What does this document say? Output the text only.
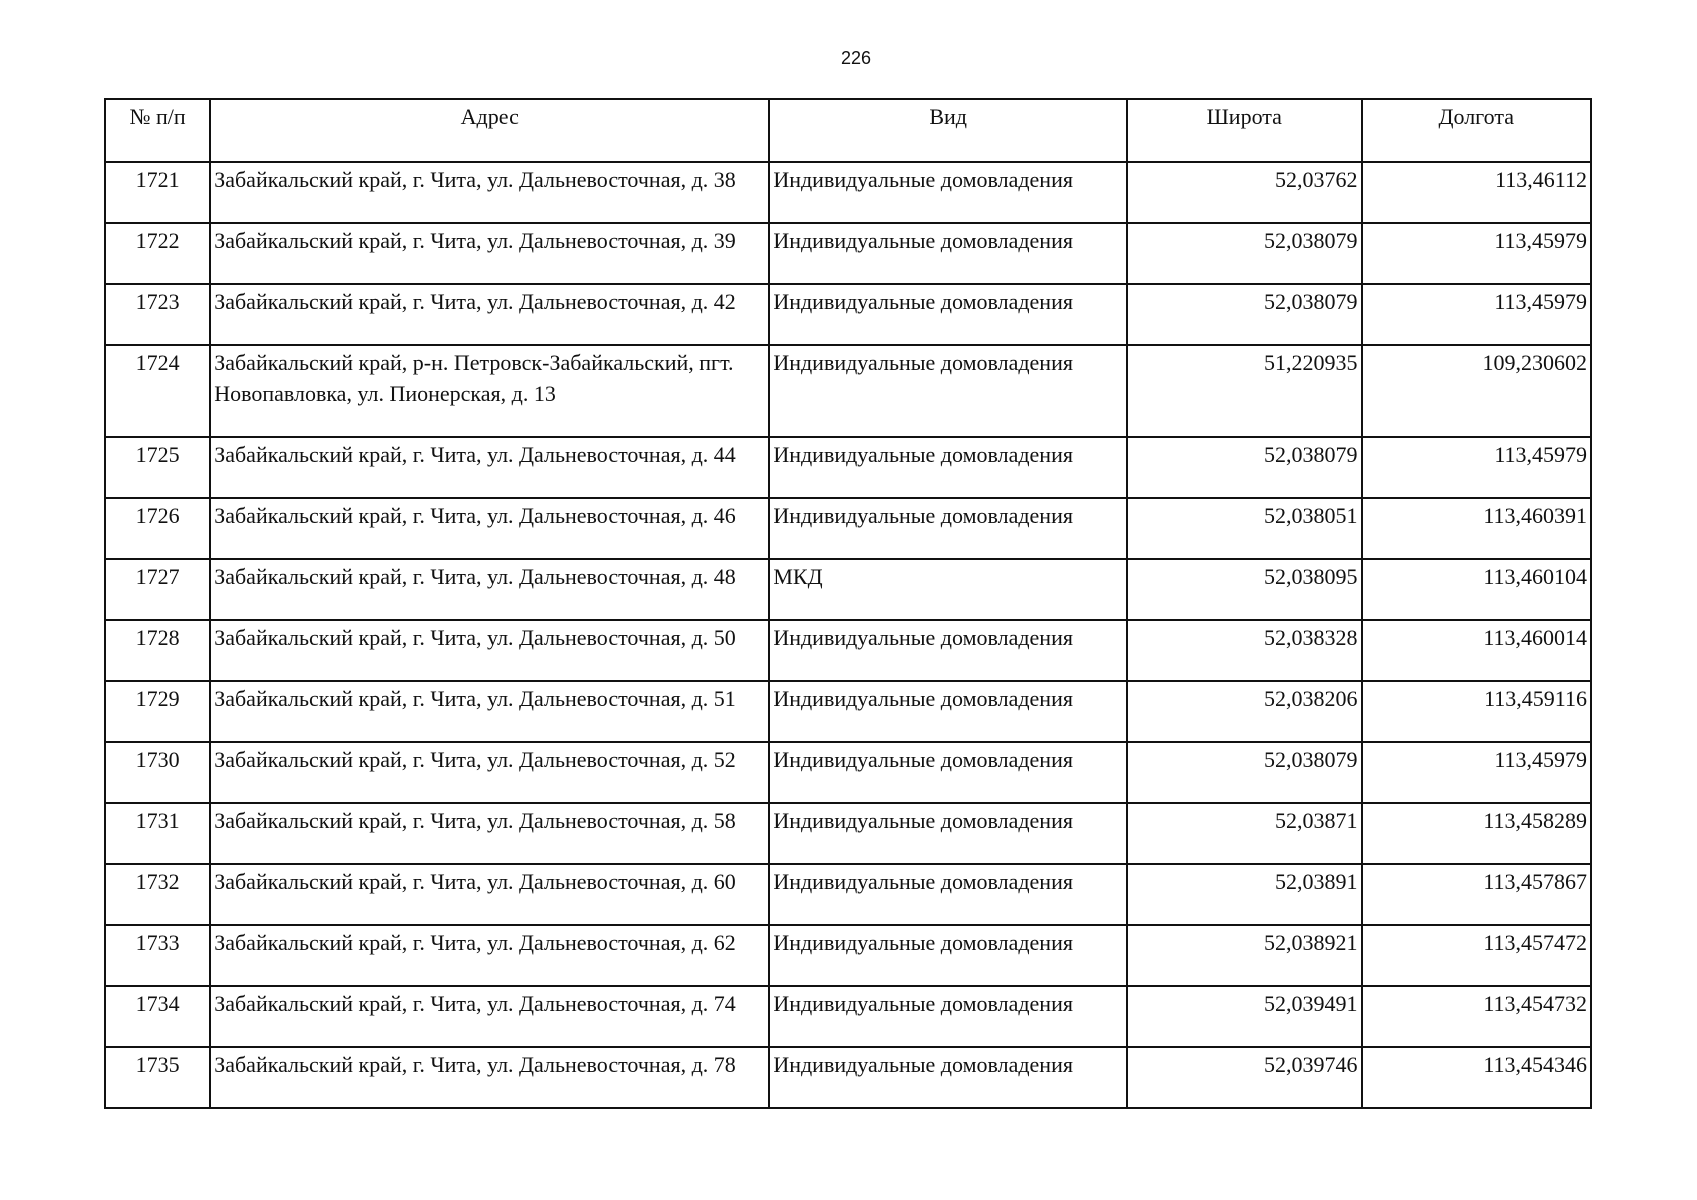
226
№ п/п	Адрес	Вид	Широта	Долгота
1721	Забайкальский край, г. Чита, ул. Дальневосточная, д. 38	Индивидуальные домовладения	52,03762	113,46112
1722	Забайкальский край, г. Чита, ул. Дальневосточная, д. 39	Индивидуальные домовладения	52,038079	113,45979
1723	Забайкальский край, г. Чита, ул. Дальневосточная, д. 42	Индивидуальные домовладения	52,038079	113,45979
1724	Забайкальский край, р-н. Петровск-Забайкальский, пгт. Новопавловка, ул. Пионерская, д. 13	Индивидуальные домовладения	51,220935	109,230602
1725	Забайкальский край, г. Чита, ул. Дальневосточная, д. 44	Индивидуальные домовладения	52,038079	113,45979
1726	Забайкальский край, г. Чита, ул. Дальневосточная, д. 46	Индивидуальные домовладения	52,038051	113,460391
1727	Забайкальский край, г. Чита, ул. Дальневосточная, д. 48	МКД	52,038095	113,460104
1728	Забайкальский край, г. Чита, ул. Дальневосточная, д. 50	Индивидуальные домовладения	52,038328	113,460014
1729	Забайкальский край, г. Чита, ул. Дальневосточная, д. 51	Индивидуальные домовладения	52,038206	113,459116
1730	Забайкальский край, г. Чита, ул. Дальневосточная, д. 52	Индивидуальные домовладения	52,038079	113,45979
1731	Забайкальский край, г. Чита, ул. Дальневосточная, д. 58	Индивидуальные домовладения	52,03871	113,458289
1732	Забайкальский край, г. Чита, ул. Дальневосточная, д. 60	Индивидуальные домовладения	52,03891	113,457867
1733	Забайкальский край, г. Чита, ул. Дальневосточная, д. 62	Индивидуальные домовладения	52,038921	113,457472
1734	Забайкальский край, г. Чита, ул. Дальневосточная, д. 74	Индивидуальные домовладения	52,039491	113,454732
1735	Забайкальский край, г. Чита, ул. Дальневосточная, д. 78	Индивидуальные домовладения	52,039746	113,454346
